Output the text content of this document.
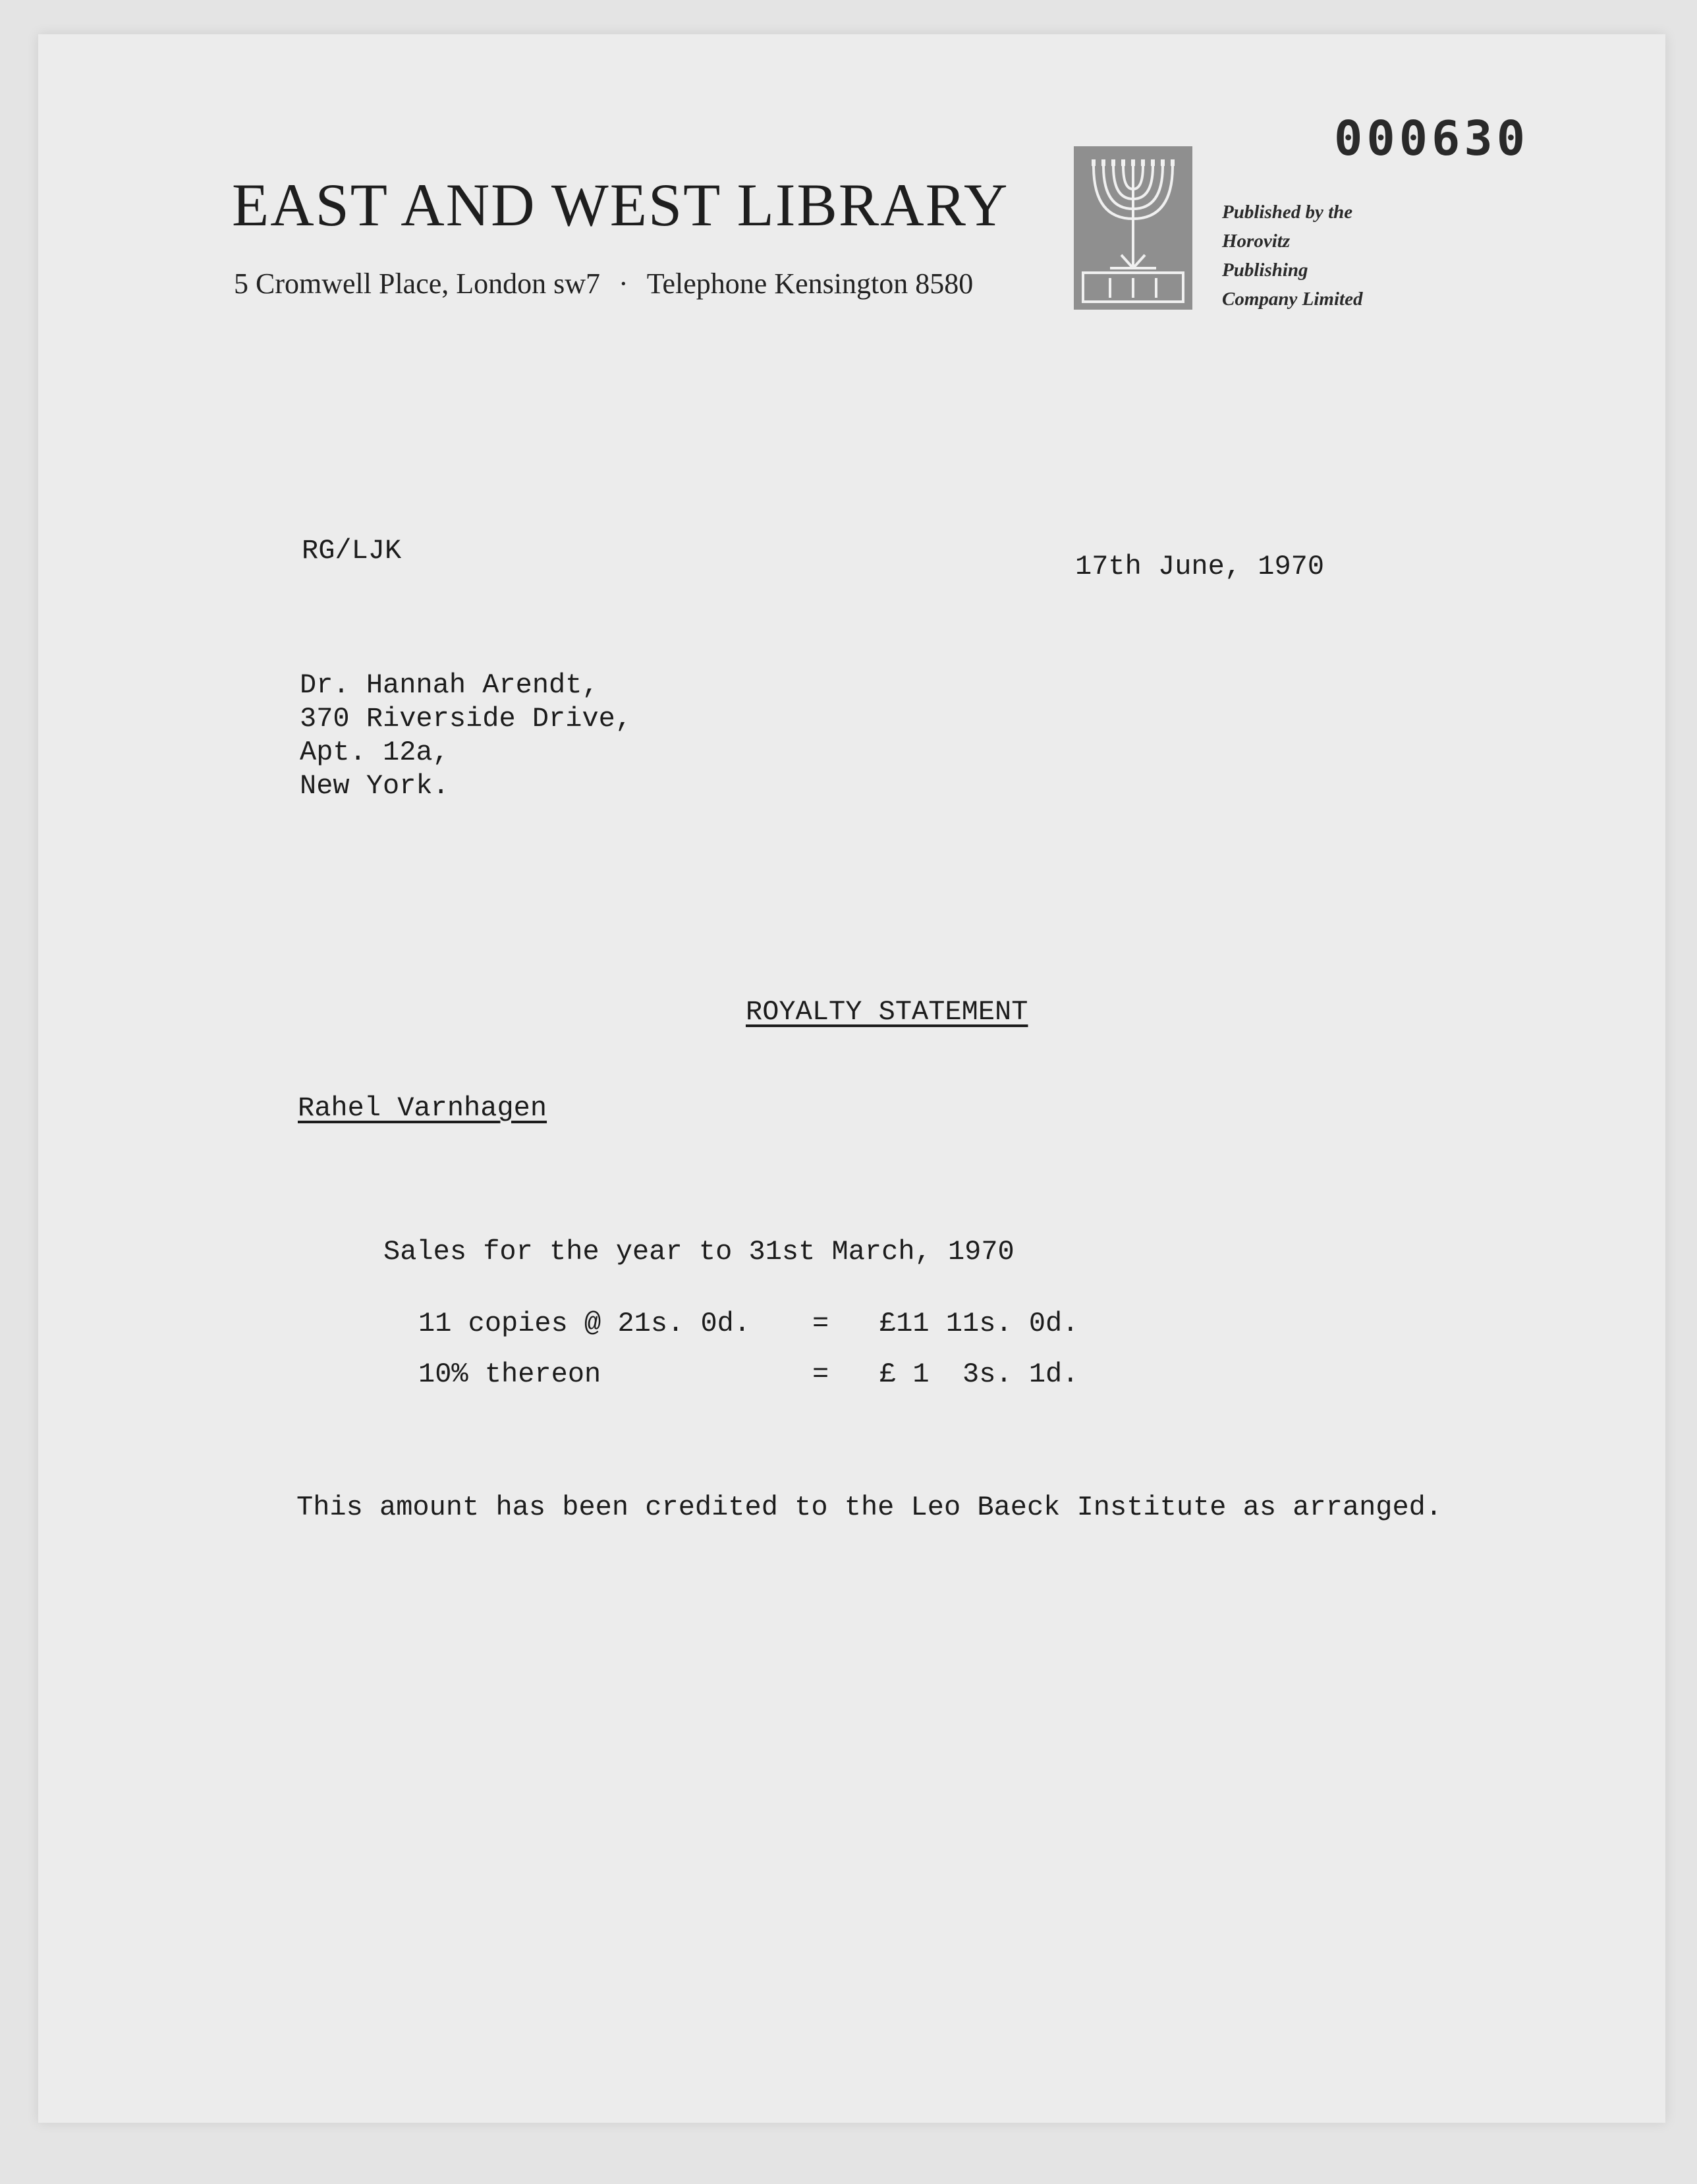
000630
EAST AND WEST LIBRARY
5 Cromwell Place, London sw7 · Telephone Kensington 8580
Published by the
Horovitz
Publishing
Company Limited
RG/LJK	17th June, 1970
Dr. Hannah Arendt,
370 Riverside Drive,
Apt. 12a,
New York.
ROYALTY STATEMENT
Rahel Varnhagen
Sales for the year to 31st March, 1970
11 copies @ 21s. 0d. = £11 11s. 0d.
10% thereon	= £ 1  3s. 1d.
This amount has been credited to the Leo Baeck Institute as arranged.
